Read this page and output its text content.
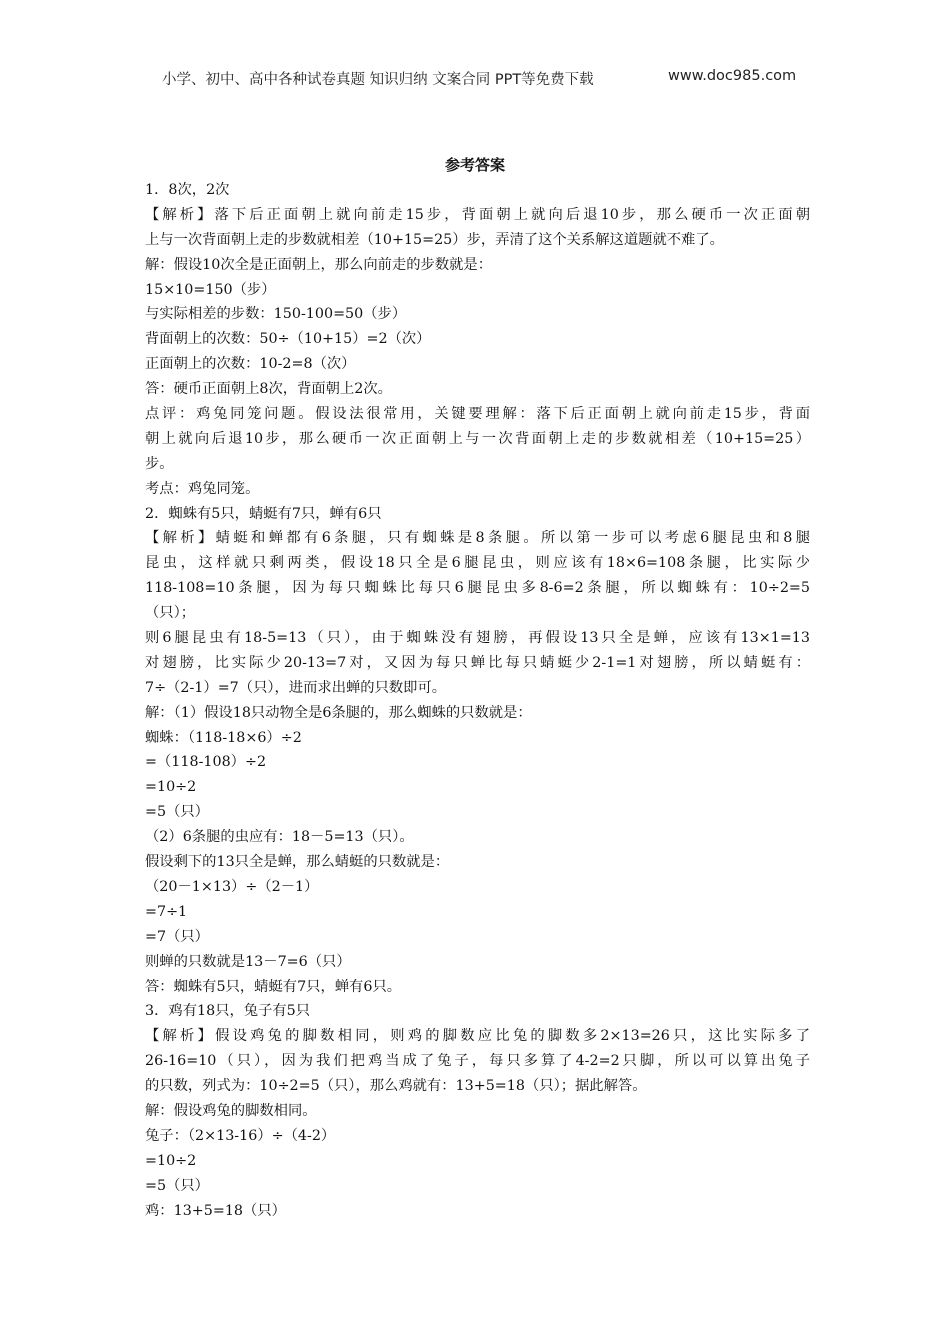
小学、初中、高中各种试卷真题 知识归纳 文案合同 PPT等免费下载	www.doc985.com
参考答案
1．8次，2次
【解析】落下后正面朝上就向前走15步，背面朝上就向后退10步，那么硬币一次正面朝
上与一次背面朝上走的步数就相差（10+15=25）步，弄清了这个关系解这道题就不难了。
解：假设10次全是正面朝上，那么向前走的步数就是：
15×10=150（步）
与实际相差的步数：150-100=50（步）
背面朝上的次数：50÷（10+15）=2（次）
正面朝上的次数：10-2=8（次）
答：硬币正面朝上8次，背面朝上2次。
点评：鸡兔同笼问题。假设法很常用，关键要理解：落下后正面朝上就向前走15步，背面
朝上就向后退10步，那么硬币一次正面朝上与一次背面朝上走的步数就相差（10+15=25）
步。
考点：鸡兔同笼。
2．蜘蛛有5只，蜻蜓有7只，蝉有6只
【解析】蜻蜓和蝉都有6条腿，只有蜘蛛是8条腿。所以第一步可以考虑6腿昆虫和8腿
昆虫，这样就只剩两类，假设18只全是6腿昆虫，则应该有18×6=108条腿，比实际少
118-108=10条腿，因为每只蜘蛛比每只6腿昆虫多8-6=2条腿，所以蜘蛛有：10÷2=5
（只）；
则6腿昆虫有18-5=13（只），由于蜘蛛没有翅膀，再假设13只全是蝉，应该有13×1=13
对翅膀，比实际少20-13=7对，又因为每只蝉比每只蜻蜓少2-1=1对翅膀，所以蜻蜓有：
7÷（2-1）=7（只），进而求出蝉的只数即可。
解：（1）假设18只动物全是6条腿的，那么蜘蛛的只数就是：
蜘蛛：（118-18×6）÷2
=（118-108）÷2
=10÷2
=5（只）
（2）6条腿的虫应有：18－5=13（只）。
假设剩下的13只全是蝉，那么蜻蜓的只数就是：
（20－1×13）÷（2－1）
=7÷1
=7（只）
则蝉的只数就是13－7=6（只）
答：蜘蛛有5只，蜻蜓有7只，蝉有6只。
3．鸡有18只，兔子有5只
【解析】假设鸡兔的脚数相同，则鸡的脚数应比兔的脚数多2×13=26只，这比实际多了
26-16=10（只），因为我们把鸡当成了兔子，每只多算了4-2=2只脚，所以可以算出兔子
的只数，列式为：10÷2=5（只），那么鸡就有：13+5=18（只）；据此解答。
解：假设鸡兔的脚数相同。
兔子：（2×13-16）÷（4-2）
=10÷2
=5（只）
鸡：13+5=18（只）
